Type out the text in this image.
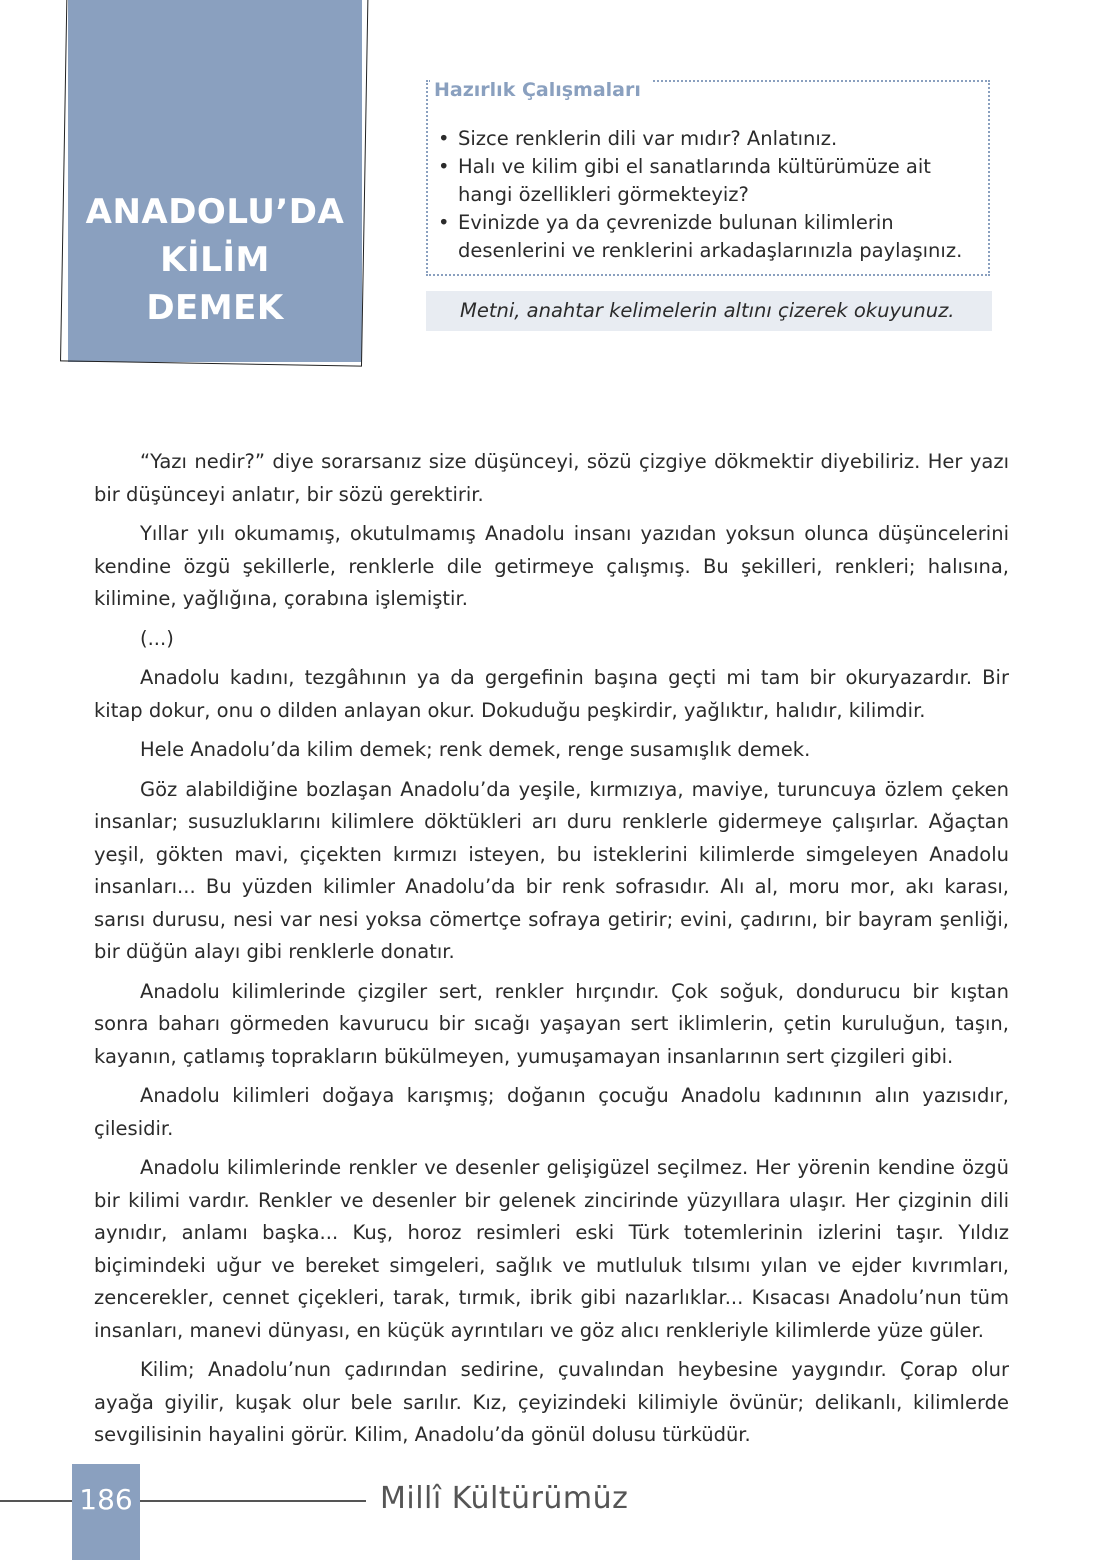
ANADOLU’DA
KİLİM
DEMEK
Hazırlık Çalışmaları
• Sizce renklerin dili var mıdır? Anlatınız.
• Halı ve kilim gibi el sanatlarında kültürümüze ait hangi özellikleri görmekteyiz?
• Evinizde ya da çevrenizde bulunan kilimlerin desenlerini ve renklerini arkadaşlarınızla paylaşınız.
Metni, anahtar kelimelerin altını çizerek okuyunuz.

“Yazı nedir?” diye sorarsanız size düşünceyi, sözü çizgiye dökmektir diyebiliriz. Her yazı bir düşünceyi anlatır, bir sözü gerektirir.

Yıllar yılı okumamış, okutulmamış Anadolu insanı yazıdan yoksun olunca düşüncelerini kendine özgü şekillerle, renklerle dile getirmeye çalışmış. Bu şekilleri, renkleri; halısına, kilimine, yağlığına, çorabına işlemiştir.

(...)

Anadolu kadını, tezgâhının ya da gergefinin başına geçti mi tam bir okuryazardır. Bir kitap dokur, onu o dilden anlayan okur. Dokuduğu peşkirdir, yağlıktır, halıdır, kilimdir.

Hele Anadolu’da kilim demek; renk demek, renge susamışlık demek.

Göz alabildiğine bozlaşan Anadolu’da yeşile, kırmızıya, maviye, turuncuya özlem çeken insanlar; susuzluklarını kilimlere döktükleri arı duru renklerle gidermeye çalışırlar. Ağaçtan yeşil, gökten mavi, çiçekten kırmızı isteyen, bu isteklerini kilimlerde simgeleyen Anadolu insanları... Bu yüzden kilimler Anadolu’da bir renk sofrasıdır. Alı al, moru mor, akı karası, sarısı durusu, nesi var nesi yoksa cömertçe sofraya getirir; evini, çadırını, bir bayram şenliği, bir düğün alayı gibi renklerle donatır.

Anadolu kilimlerinde çizgiler sert, renkler hırçındır. Çok soğuk, dondurucu bir kıştan sonra baharı görmeden kavurucu bir sıcağı yaşayan sert iklimlerin, çetin kuruluğun, taşın, kayanın, çatlamış toprakların bükülmeyen, yumuşamayan insanlarının sert çizgileri gibi.

Anadolu kilimleri doğaya karışmış; doğanın çocuğu Anadolu kadınının alın yazısıdır, çilesidir.

Anadolu kilimlerinde renkler ve desenler gelişigüzel seçilmez. Her yörenin kendine özgü bir kilimi vardır. Renkler ve desenler bir gelenek zincirinde yüzyıllara ulaşır. Her çizginin dili aynıdır, anlamı başka... Kuş, horoz resimleri eski Türk totemlerinin izlerini taşır. Yıldız biçimindeki uğur ve bereket simgeleri, sağlık ve mutluluk tılsımı yılan ve ejder kıvrımları, zencerekler, cennet çiçekleri, tarak, tırmık, ibrik gibi nazarlıklar... Kısacası Anadolu’nun tüm insanları, manevi dünyası, en küçük ayrıntıları ve göz alıcı renkleriyle kilimlerde yüze güler.

Kilim; Anadolu’nun çadırından sedirine, çuvalından heybesine yaygındır. Çorap olur ayağa giyilir, kuşak olur bele sarılır. Kız, çeyizindeki kilimiyle övünür; delikanlı, kilimlerde sevgilisinin hayalini görür. Kilim, Anadolu’da gönül dolusu türküdür.

186	Millî Kültürümüz
